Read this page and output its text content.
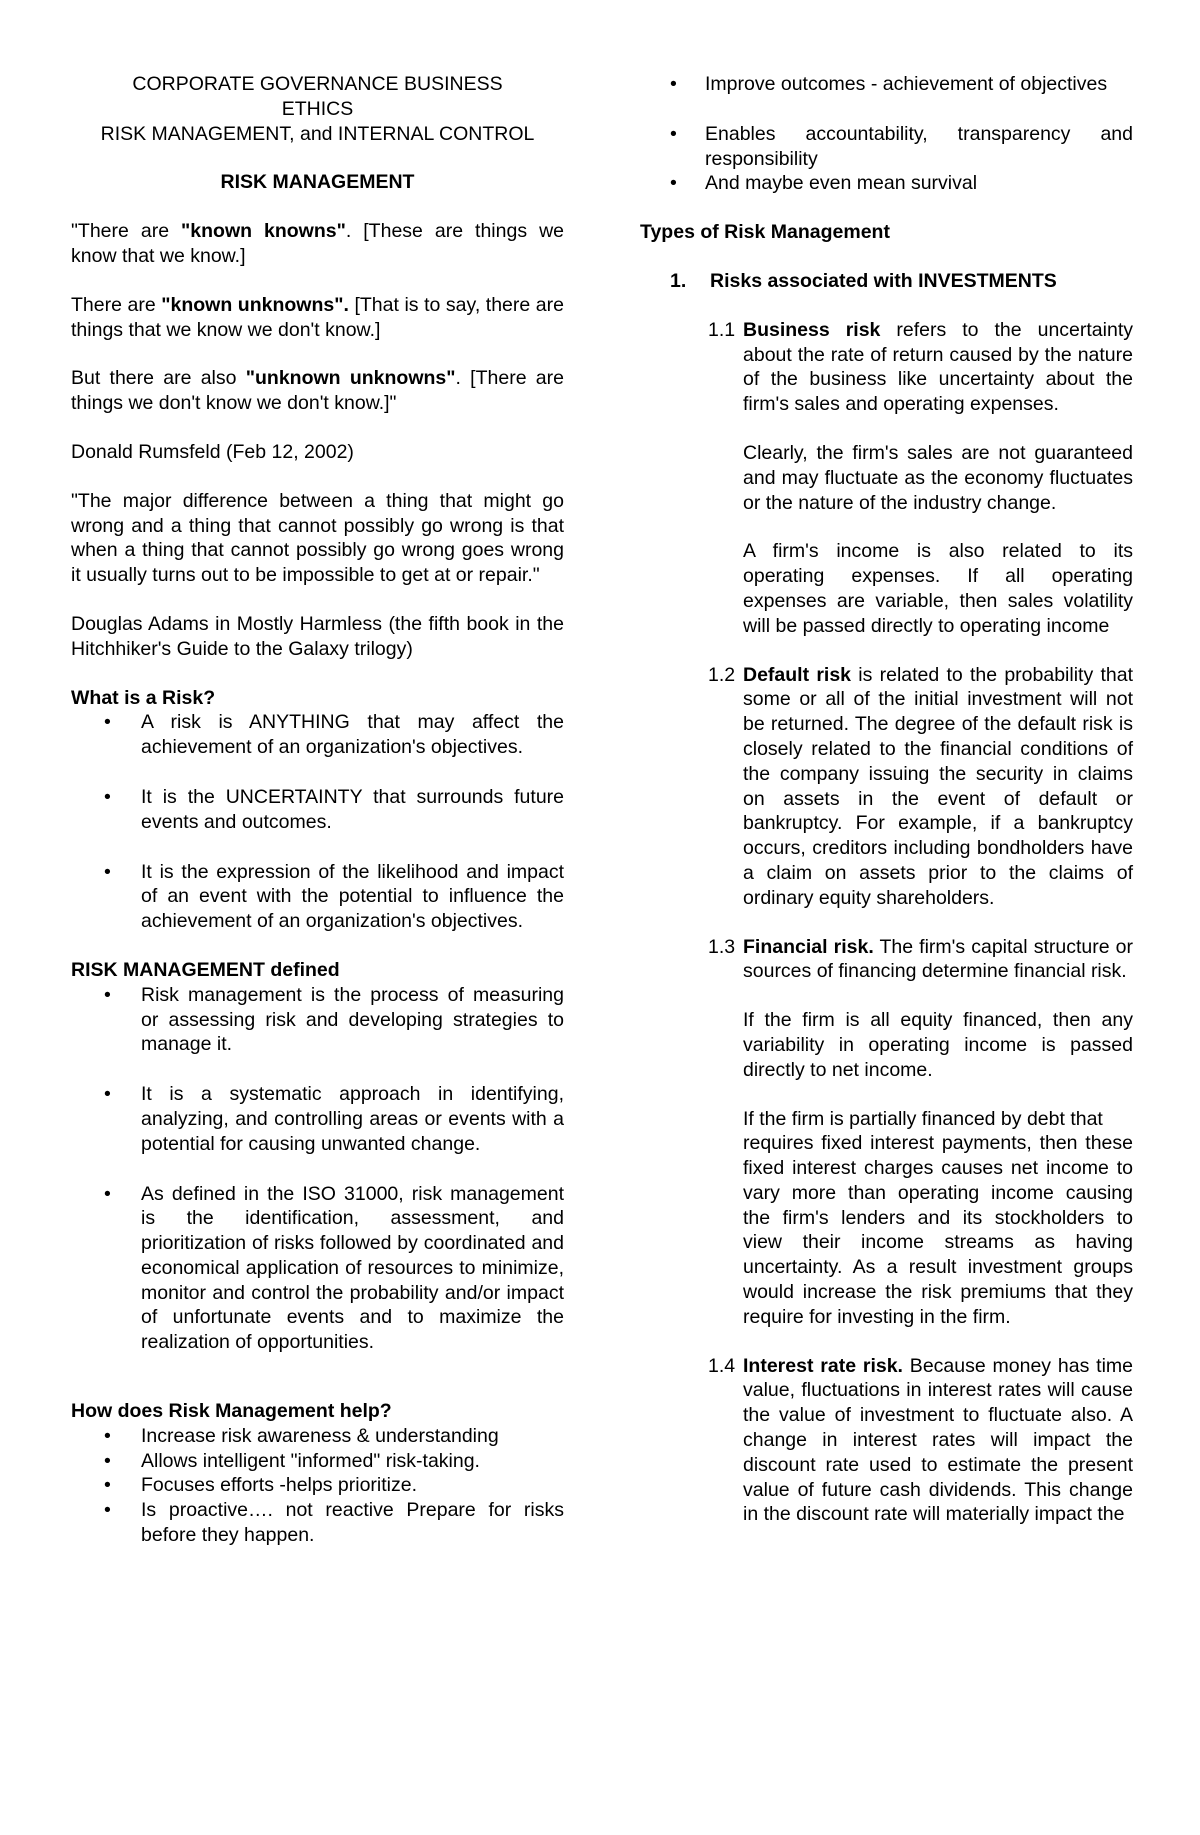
CORPORATE GOVERNANCE BUSINESS

ETHICS

RISK MANAGEMENT, and INTERNAL CONTROL

RISK MANAGEMENT

"There are "known knowns". [These are things we know that we know.]

There are "known unknowns". [That is to say, there are things that we know we don't know.]

But there are also "unknown unknowns". [There are things we don't know we don't know.]"

Donald Rumsfeld (Feb 12, 2002)

"The major difference between a thing that might go wrong and a thing that cannot possibly go wrong is that when a thing that cannot possibly go wrong goes wrong it usually turns out to be impossible to get at or repair."

Douglas Adams in Mostly Harmless (the fifth book in the Hitchhiker's Guide to the Galaxy trilogy)

What is a Risk?
• A risk is ANYTHING that may affect the achievement of an organization's objectives.
• It is the UNCERTAINTY that surrounds future events and outcomes.
• It is the expression of the likelihood and impact of an event with the potential to influence the achievement of an organization's objectives.
RISK MANAGEMENT defined
• Risk management is the process of measuring or assessing risk and developing strategies to manage it.
• It is a systematic approach in identifying, analyzing, and controlling areas or events with a potential for causing unwanted change.
• As defined in the ISO 31000, risk management is the identification, assessment, and prioritization of risks followed by coordinated and economical application of resources to minimize, monitor and control the probability and/or impact of unfortunate events and to maximize the realization of opportunities.
How does Risk Management help?
• Increase risk awareness & understanding
• Allows intelligent "informed" risk-taking.
• Focuses efforts -helps prioritize.
• Is proactive…. not reactive Prepare for risks before they happen.
• Improve outcomes - achievement of objectives
• Enables accountability, transparency and responsibility
• And maybe even mean survival
Types of Risk Management
1. Risks associated with INVESTMENTS
1.1 Business risk refers to the uncertainty about the rate of return caused by the nature of the business like uncertainty about the firm's sales and operating expenses.

Clearly, the firm's sales are not guaranteed and may fluctuate as the economy fluctuates or the nature of the industry change.

A firm's income is also related to its operating expenses. If all operating expenses are variable, then sales volatility will be passed directly to operating income

1.2 Default risk is related to the probability that some or all of the initial investment will not be returned. The degree of the default risk is closely related to the financial conditions of the company issuing the security in claims on assets in the event of default or bankruptcy. For example, if a bankruptcy occurs, creditors including bondholders have a claim on assets prior to the claims of ordinary equity shareholders.

1.3 Financial risk. The firm's capital structure or sources of financing determine financial risk.

If the firm is all equity financed, then any variability in operating income is passed directly to net income.

If the firm is partially financed by debt that

requires fixed interest payments, then these fixed interest charges causes net income to vary more than operating income causing the firm's lenders and its stockholders to view their income streams as having uncertainty. As a result investment groups would increase the risk premiums that they require for investing in the firm.

1.4 Interest rate risk. Because money has time value, fluctuations in interest rates will cause the value of investment to fluctuate also. A change in interest rates will impact the discount rate used to estimate the present value of future cash dividends. This change in the discount rate will materially impact the
